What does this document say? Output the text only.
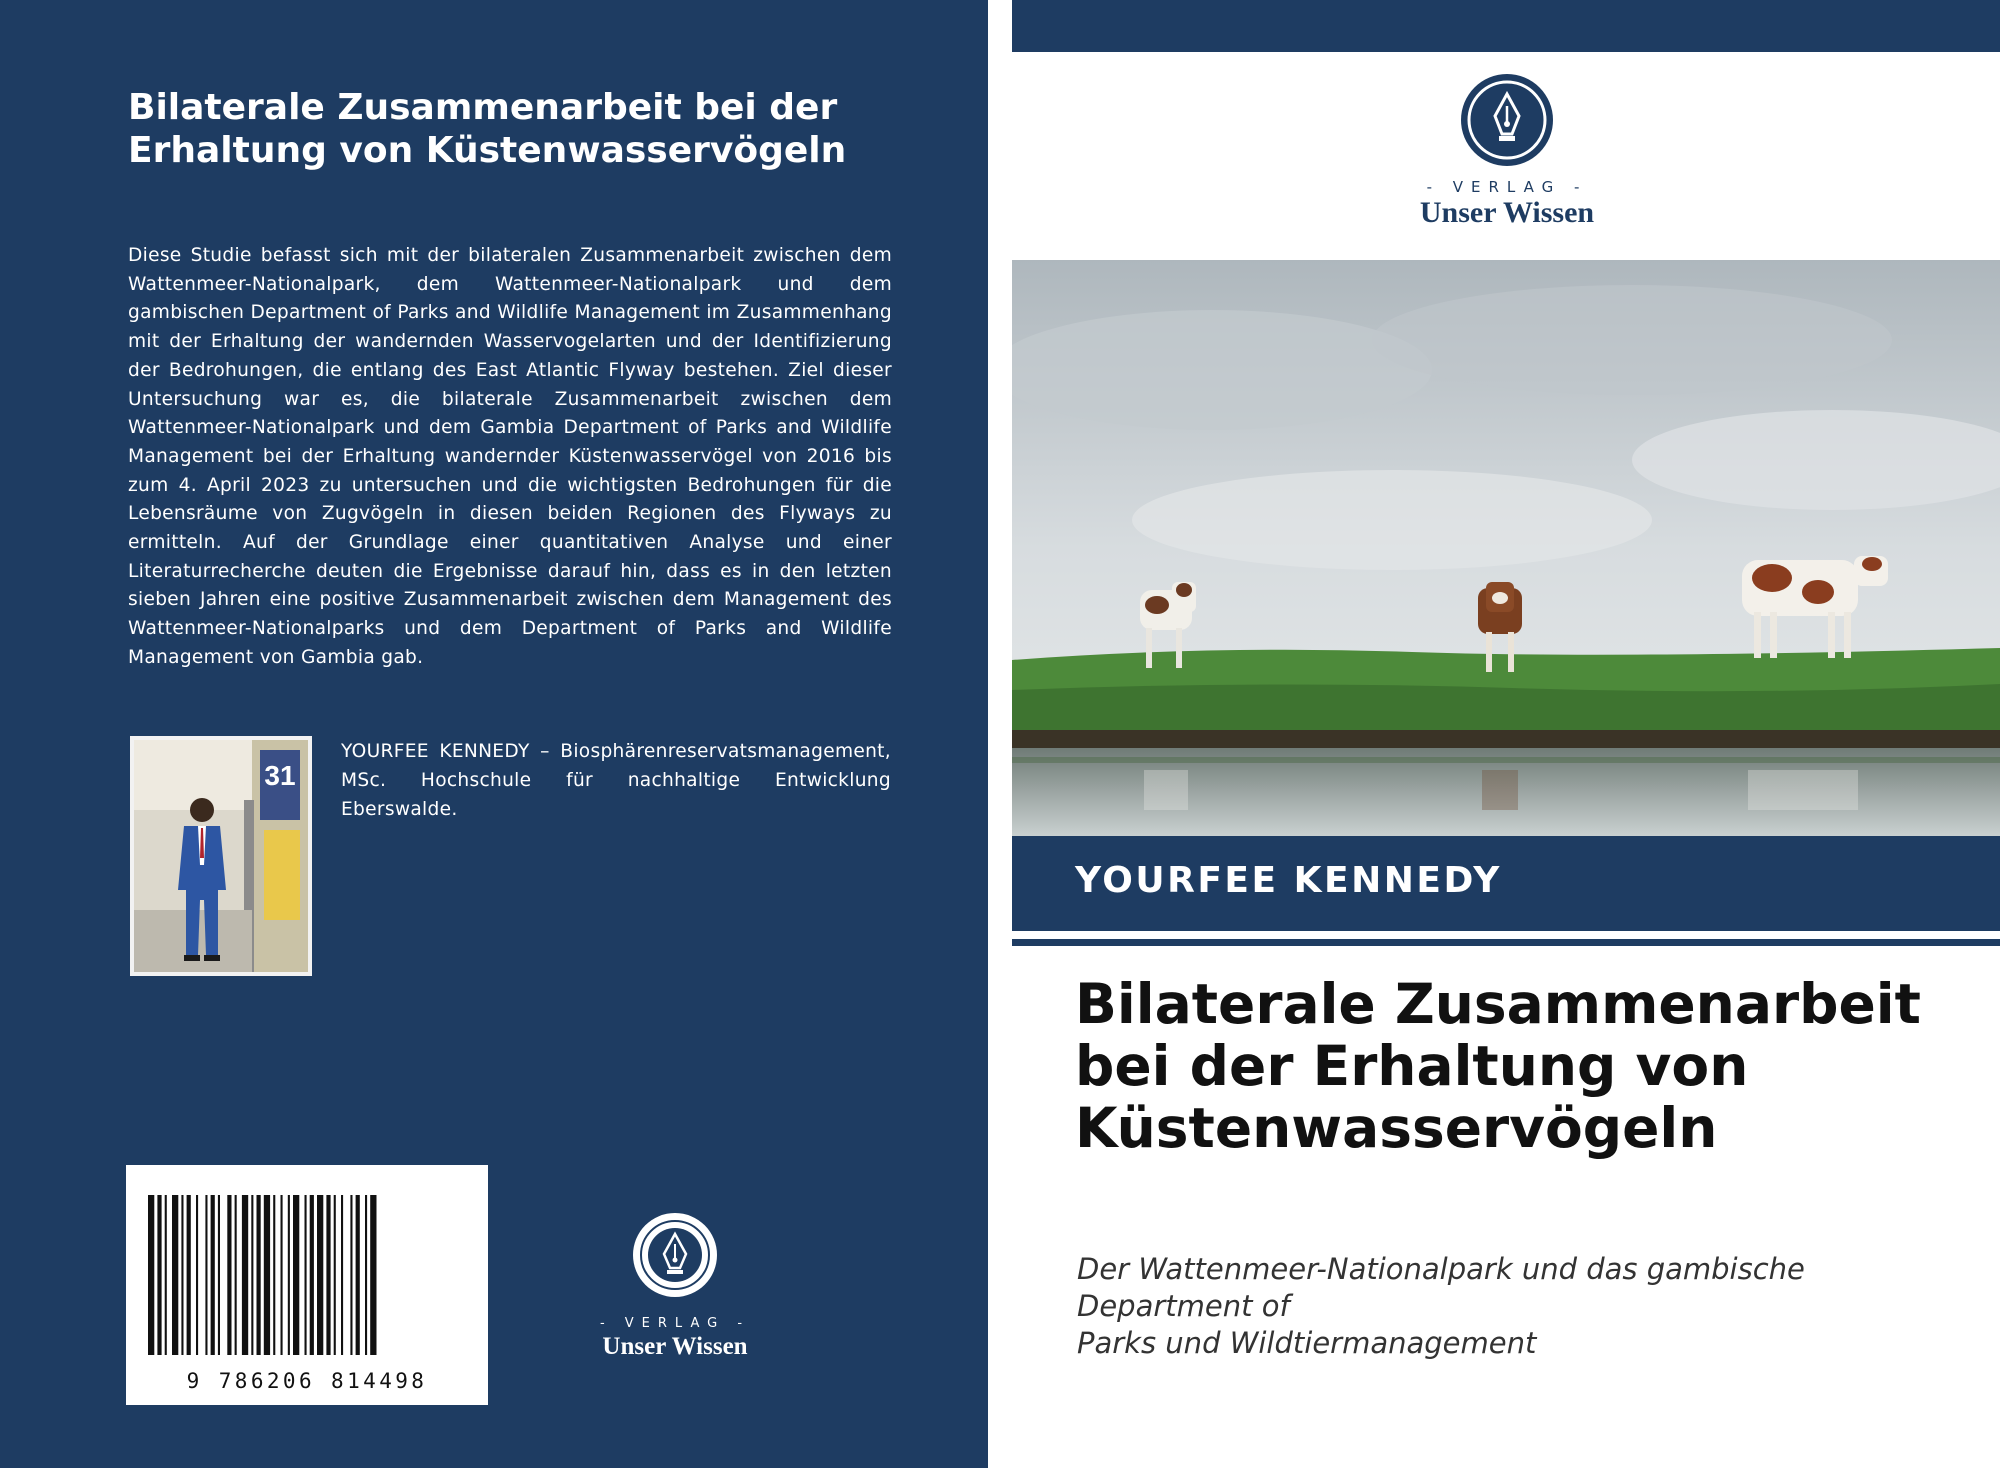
Bilaterale Zusammenarbeit bei der Erhaltung von Küstenwasservögeln

Diese Studie befasst sich mit der bilateralen Zusammenarbeit zwischen dem Wattenmeer-Nationalpark, dem Wattenmeer-Nationalpark und dem gambischen Department of Parks and Wildlife Management im Zusammenhang mit der Erhaltung der wandernden Wasservogelarten und der Identifizierung der Bedrohungen, die entlang des East Atlantic Flyway bestehen. Ziel dieser Untersuchung war es, die bilaterale Zusammenarbeit zwischen dem Wattenmeer-Nationalpark und dem Gambia Department of Parks and Wildlife Management bei der Erhaltung wandernder Küstenwasservögel von 2016 bis zum 4. April 2023 zu untersuchen und die wichtigsten Bedrohungen für die Lebensräume von Zugvögeln in diesen beiden Regionen des Flyways zu ermitteln. Auf der Grundlage einer quantitativen Analyse und einer Literaturrecherche deuten die Ergebnisse darauf hin, dass es in den letzten sieben Jahren eine positive Zusammenarbeit zwischen dem Management des Wattenmeer-Nationalparks und dem Department of Parks and Wildlife Management von Gambia gab.

31

YOURFEE KENNEDY – Biosphärenreservatsmanagement, MSc. Hochschule für nachhaltige Entwicklung Eberswalde.

9 786206 814498
- VERLAG -
Unser Wissen
- VERLAG -
Unser Wissen
YOURFEE KENNEDY
Bilaterale Zusammenarbeit bei der Erhaltung von Küstenwasservögeln
Der Wattenmeer-Nationalpark und das gambische
Department of
Parks und Wildtiermanagement
